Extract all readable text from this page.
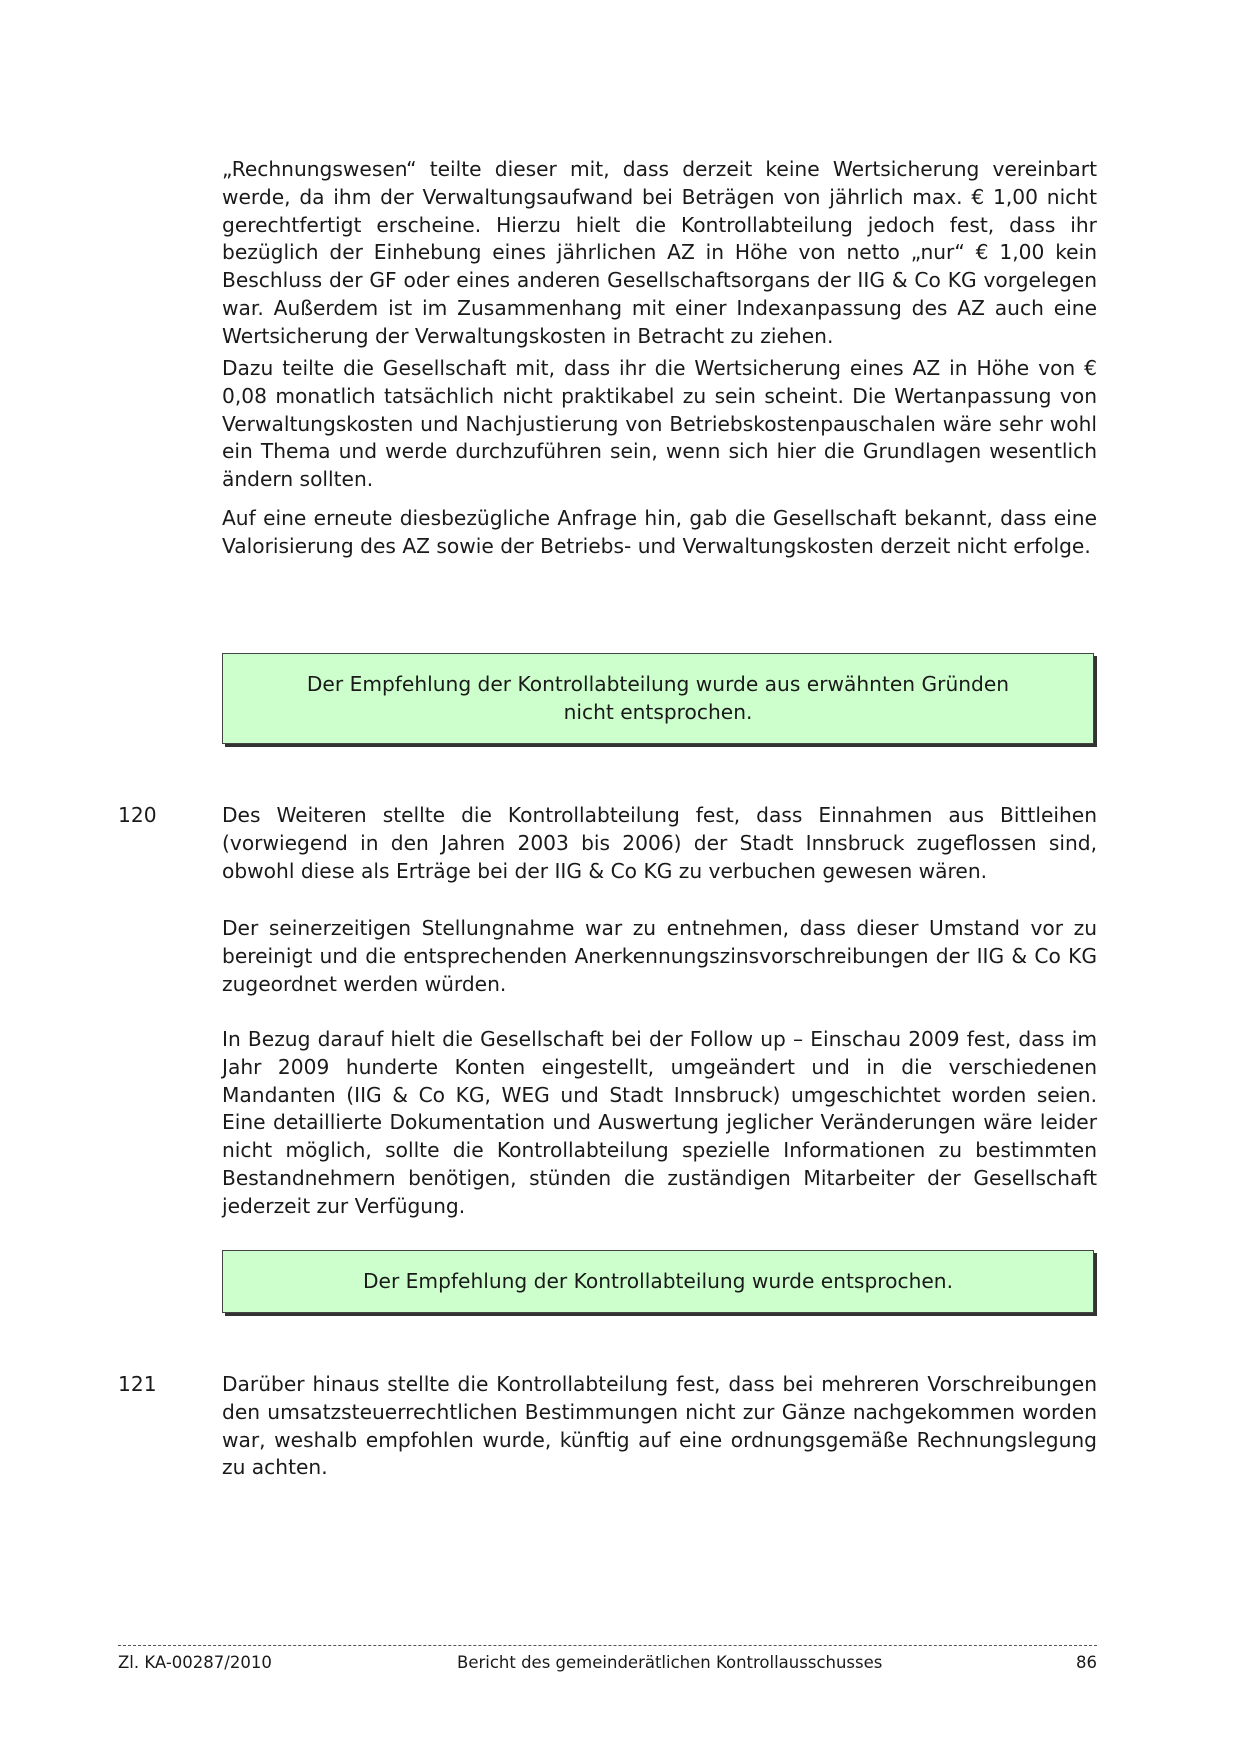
„Rechnungswesen“ teilte dieser mit, dass derzeit keine Wertsicherung vereinbart werde, da ihm der Verwaltungsaufwand bei Beträgen von jährlich max. € 1,00 nicht gerechtfertigt erscheine. Hierzu hielt die Kontrollabteilung jedoch fest, dass ihr bezüglich der Einhebung eines jährlichen AZ in Höhe von netto „nur“ € 1,00 kein Beschluss der GF oder eines anderen Gesellschaftsorgans der IIG & Co KG vorgelegen war. Außerdem ist im Zusammenhang mit einer Indexanpassung des AZ auch eine Wertsicherung der Verwaltungskosten in Betracht zu ziehen.

Dazu teilte die Gesellschaft mit, dass ihr die Wertsicherung eines AZ in Höhe von € 0,08 monatlich tatsächlich nicht praktikabel zu sein scheint. Die Wertanpassung von Verwaltungskosten und Nachjustierung von Betriebskostenpauschalen wäre sehr wohl ein Thema und werde durchzuführen sein, wenn sich hier die Grundlagen wesentlich ändern sollten.

Auf eine erneute diesbezügliche Anfrage hin, gab die Gesellschaft bekannt, dass eine Valorisierung des AZ sowie der Betriebs- und Verwaltungskosten derzeit nicht erfolge.

Der Empfehlung der Kontrollabteilung wurde aus erwähnten Gründen nicht entsprochen.

120	Des Weiteren stellte die Kontrollabteilung fest, dass Einnahmen aus Bittleihen (vorwiegend in den Jahren 2003 bis 2006) der Stadt Innsbruck zugeflossen sind, obwohl diese als Erträge bei der IIG & Co KG zu verbuchen gewesen wären.

Der seinerzeitigen Stellungnahme war zu entnehmen, dass dieser Umstand vor zu bereinigt und die entsprechenden Anerkennungszinsvorschreibungen der IIG & Co KG zugeordnet werden würden.

In Bezug darauf hielt die Gesellschaft bei der Follow up – Einschau 2009 fest, dass im Jahr 2009 hunderte Konten eingestellt, umgeändert und in die verschiedenen Mandanten (IIG & Co KG, WEG und Stadt Innsbruck) umgeschichtet worden seien. Eine detaillierte Dokumentation und Auswertung jeglicher Veränderungen wäre leider nicht möglich, sollte die Kontrollabteilung spezielle Informationen zu bestimmten Bestandnehmern benötigen, stünden die zuständigen Mitarbeiter der Gesellschaft jederzeit zur Verfügung.

Der Empfehlung der Kontrollabteilung wurde entsprochen.

121	Darüber hinaus stellte die Kontrollabteilung fest, dass bei mehreren Vorschreibungen den umsatzsteuerrechtlichen Bestimmungen nicht zur Gänze nachgekommen worden war, weshalb empfohlen wurde, künftig auf eine ordnungsgemäße Rechnungslegung zu achten.

Zl. KA-00287/2010	Bericht des gemeinderätlichen Kontrollausschusses	86
